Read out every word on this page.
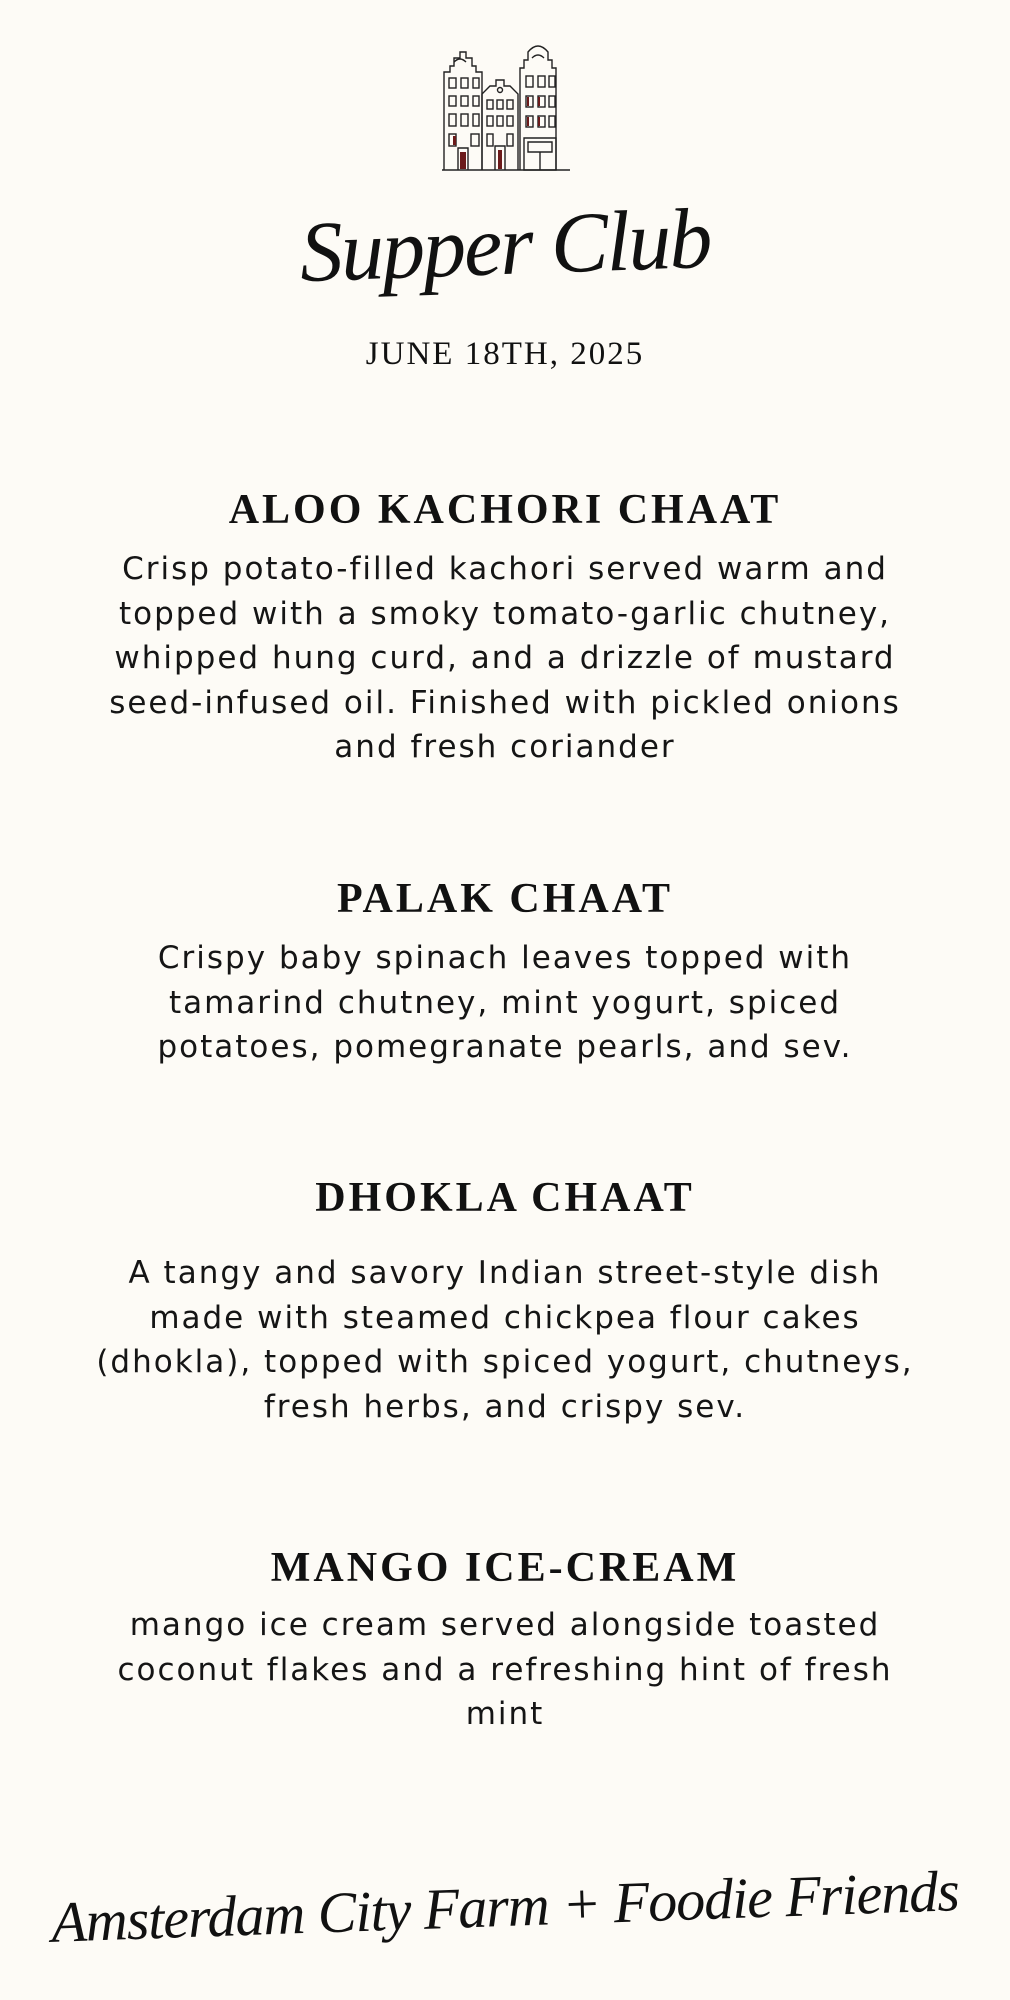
Supper Club
JUNE 18TH, 2025
ALOO KACHORI CHAAT

Crisp potato-filled kachori served warm and topped with a smoky tomato-garlic chutney, whipped hung curd, and a drizzle of mustard seed-infused oil. Finished with pickled onions and fresh coriander

PALAK CHAAT

Crispy baby spinach leaves topped with tamarind chutney, mint yogurt, spiced potatoes, pomegranate pearls, and sev.

DHOKLA CHAAT

A tangy and savory Indian street-style dish made with steamed chickpea flour cakes (dhokla), topped with spiced yogurt, chutneys, fresh herbs, and crispy sev.

MANGO ICE-CREAM

mango ice cream served alongside toasted coconut flakes and a refreshing hint of fresh mint

Amsterdam City Farm + Foodie Friends
